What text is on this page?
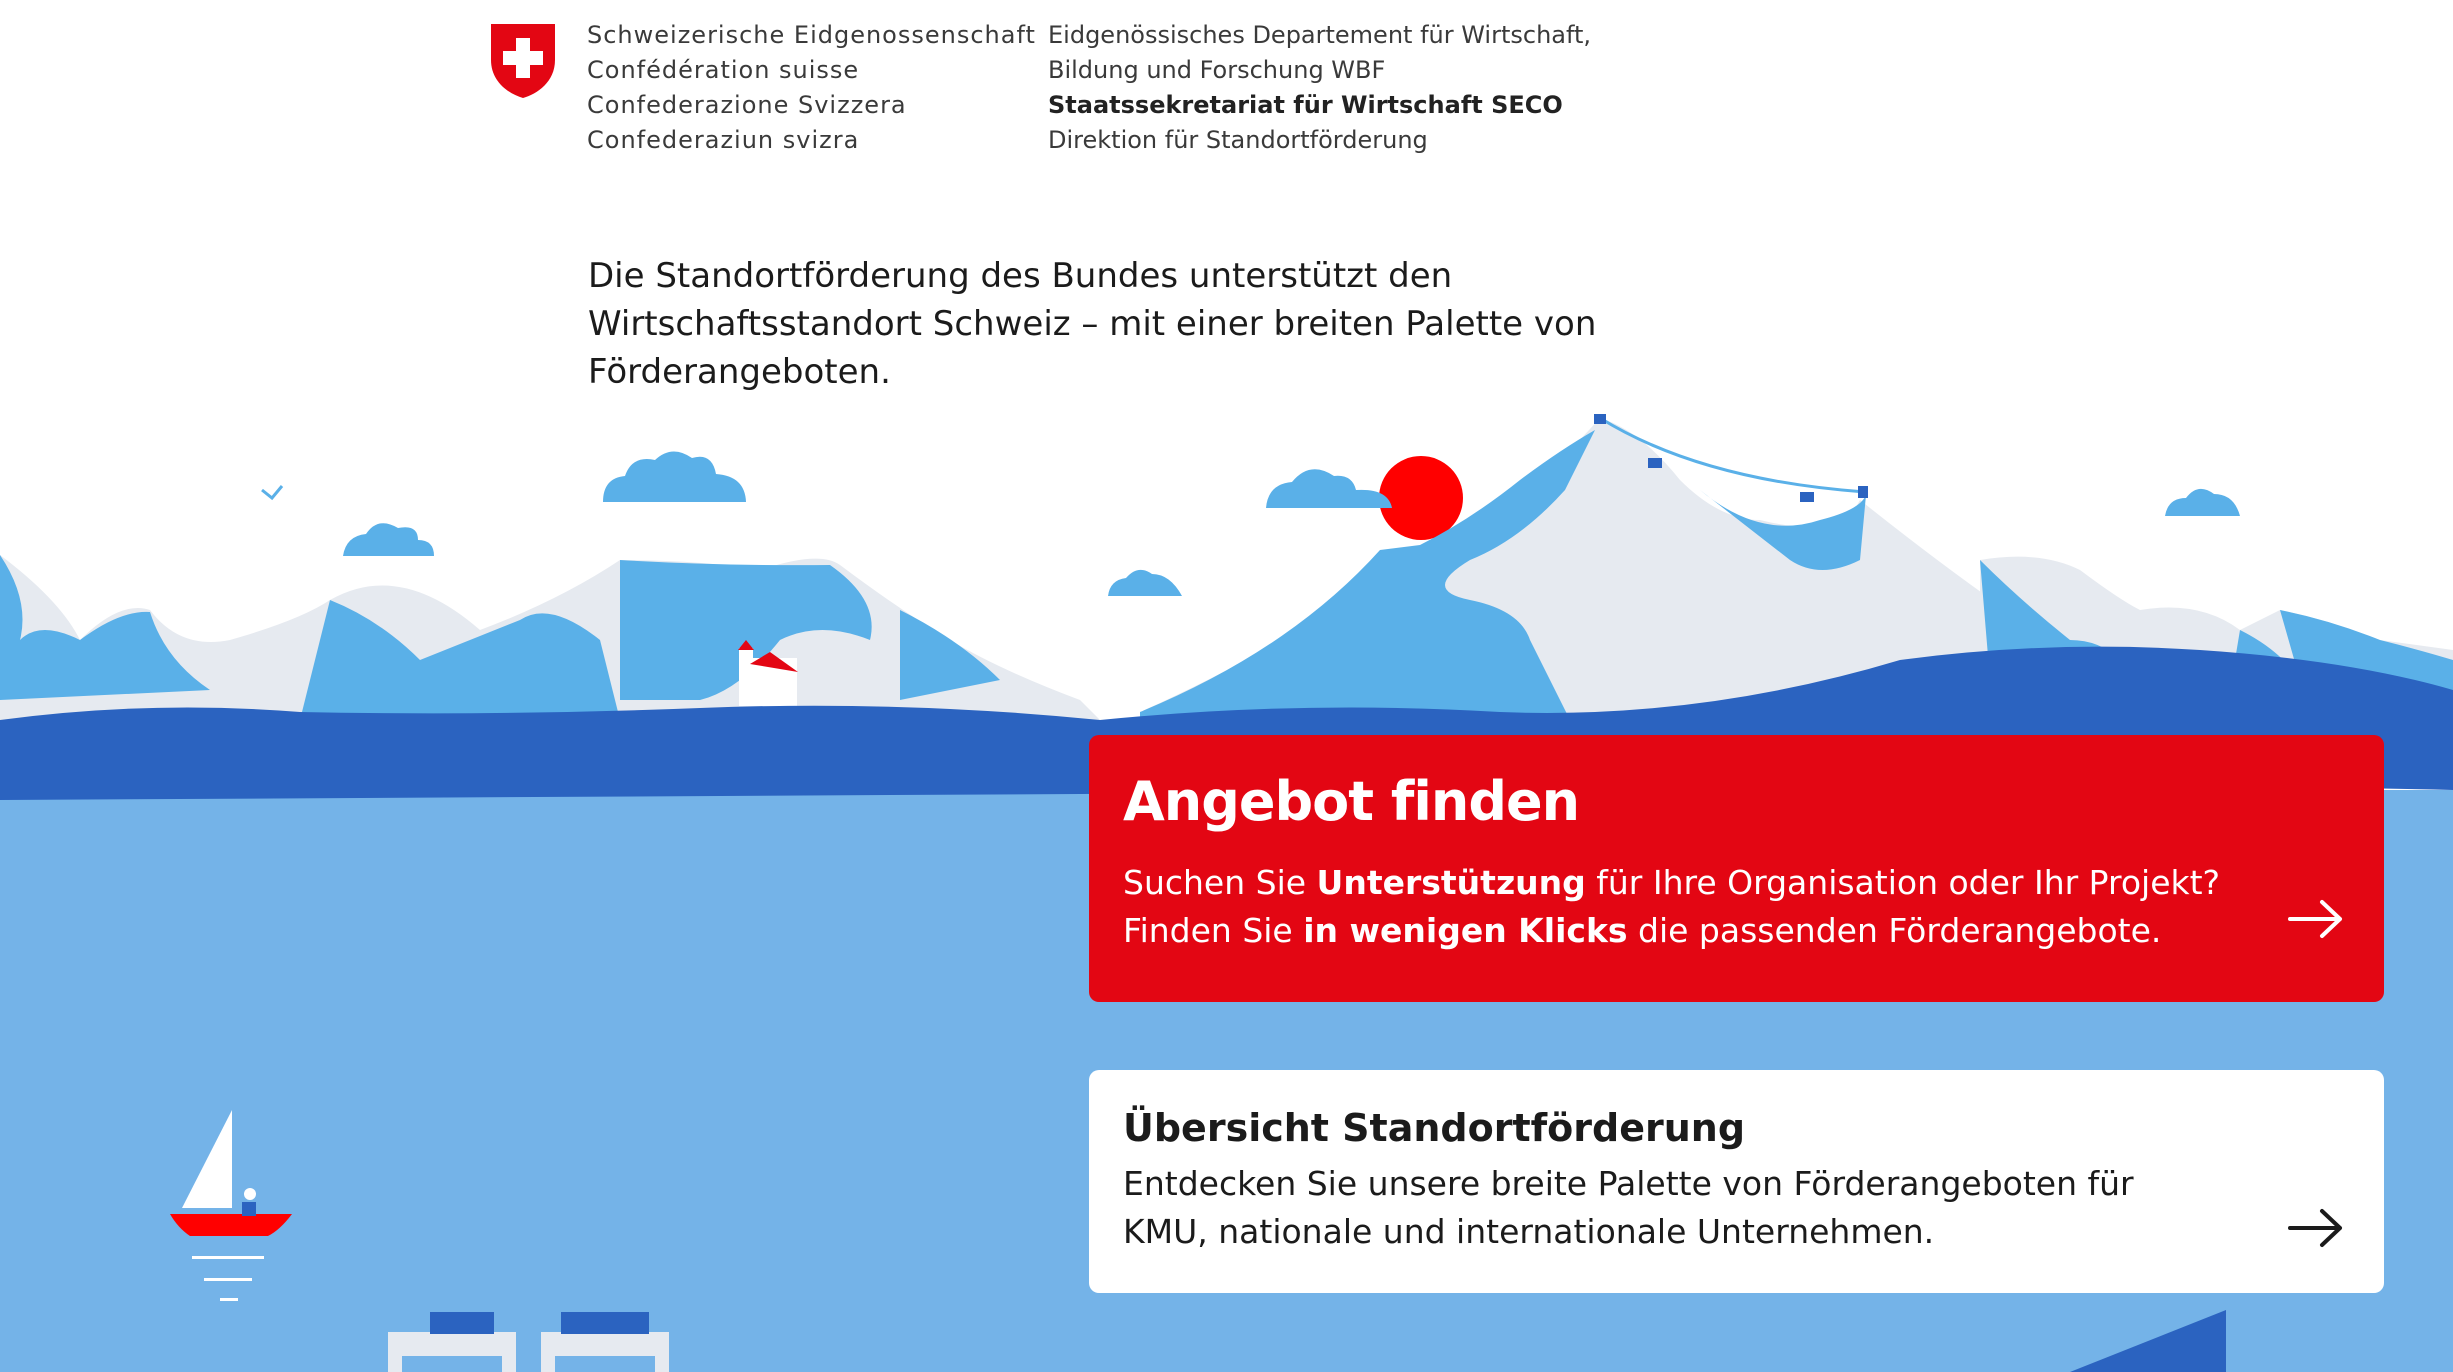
Schweizerische Eidgenossenschaft
Confédération suisse
Confederazione Svizzera
Confederaziun svizra
Eidgenössisches Departement für Wirtschaft,
Bildung und Forschung WBF
Staatssekretariat für Wirtschaft SECO
Direktion für Standortförderung
Die Standortförderung des Bundes unterstützt den
Wirtschaftsstandort Schweiz – mit einer breiten Palette von
Förderangeboten.
Angebot finden
Suchen Sie Unterstützung für Ihre Organisation oder Ihr Projekt?
Finden Sie in wenigen Klicks die passenden Förderangebote.
Übersicht Standortförderung
Entdecken Sie unsere breite Palette von Förderangeboten für
KMU, nationale und internationale Unternehmen.
